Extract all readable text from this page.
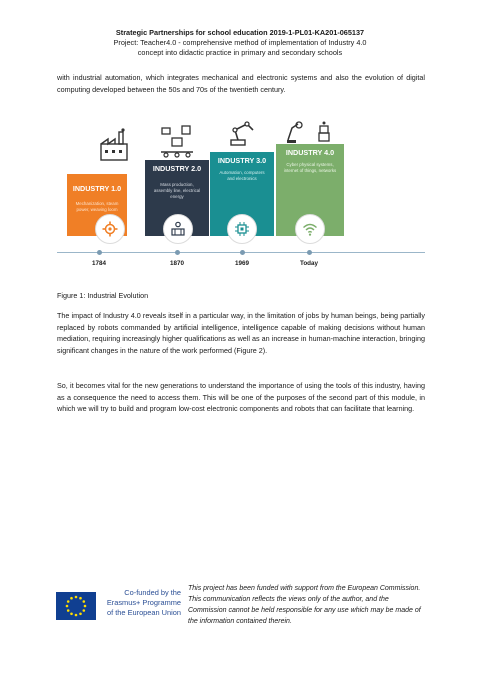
Strategic Partnerships for school education 2019-1-PL01-KA201-065137
Project: Teacher4.0 - comprehensive method of implementation of Industry 4.0
concept into didactic practice in primary and secondary schools

with industrial automation, which integrates mechanical and electronic systems and also the evolution of digital computing developed between the 50s and 70s of the twentieth century.

INDUSTRY 1.0
Mechanization, steam power, weaving loom
INDUSTRY 2.0
Mass production, assembly line, electrical energy
INDUSTRY 3.0
Automation, computers and electronics
INDUSTRY 4.0
Cyber physical systems, internet of things, networks
1784	1870	1969	Today

Figure 1: Industrial Evolution

The impact of Industry 4.0 reveals itself in a particular way, in the limitation of jobs by human beings, being partially replaced by robots commanded by artificial intelligence, intelligence capable of making decisions without human mediation, requiring increasingly higher qualifications as well as an increase in human-machine interaction, bringing significant changes in the nature of the work performed (Figure 2).

So, it becomes vital for the new generations to understand the importance of using the tools of this industry, having as a consequence the need to access them. This will be one of the purposes of the second part of this module, in which we will try to build and program low-cost electronic components and robots that can facilitate that learning.

Co-funded by the
Erasmus+ Programme
of the European Union

This project has been funded with support from the European Commission. This communication reflects the views only of the author, and the Commission cannot be held responsible for any use which may be made of the information contained therein.
